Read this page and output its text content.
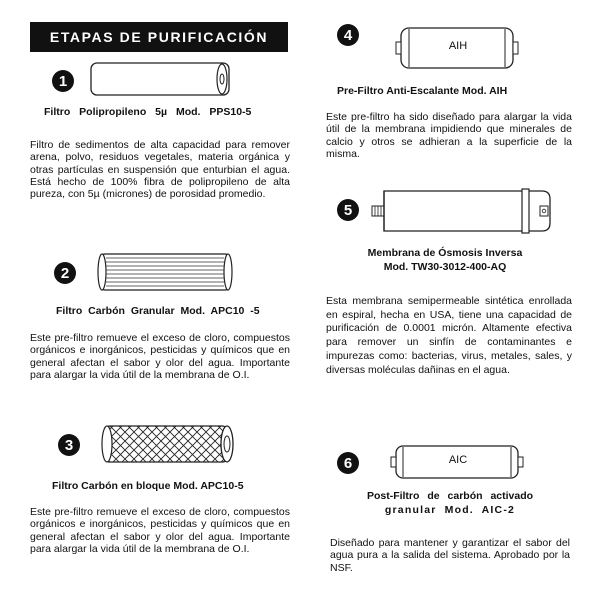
ETAPAS DE PURIFICACIÓN
1
Filtro Polipropileno 5µ Mod. PPS10-5
Filtro de sedimentos de alta capacidad para remover arena, polvo, residuos vegetales, materia orgánica y otras partículas en suspensión que enturbian el agua. Está hecho de 100% fibra de polipropileno de alta pureza, con 5µ (micrones) de porosidad promedio.
2
Filtro Carbón Granular Mod. APC10 -5
Este pre-filtro remueve el exceso de cloro, compuestos orgánicos e inorgánicos, pesticidas y químicos que en general afectan el sabor y olor del agua. Importante para alargar la vida útil de la membrana de O.I.
3
Filtro Carbón en bloque Mod. APC10-5
Este pre-filtro remueve el exceso de cloro, compuestos orgánicos e inorgánicos, pesticidas y químicos que en general afectan el sabor y olor del agua. Importante para alargar la vida útil de la membrana de O.I.
4
AIH
Pre-Filtro Anti-Escalante Mod. AIH
Este pre-filtro ha sido diseñado para alargar la vida útil de la membrana impidiendo que minerales de calcio y otros se adhieran a la superficie de la misma.
5
Membrana de Ósmosis Inversa
Mod. TW30-3012-400-AQ
Esta membrana semipermeable sintética enrollada en espiral, hecha en USA, tiene una capacidad de purificación de 0.0001 micrón. Altamente efectiva para remover un sinfín de contaminantes e impurezas como: bacterias, virus, metales, sales, y diversas moléculas dañinas en el agua.
6	AIC
Post-Filtro de carbón activado
granular Mod. AIC-2
Diseñado para mantener y garantizar el sabor del agua pura a la salida del sistema. Aprobado por la NSF.
